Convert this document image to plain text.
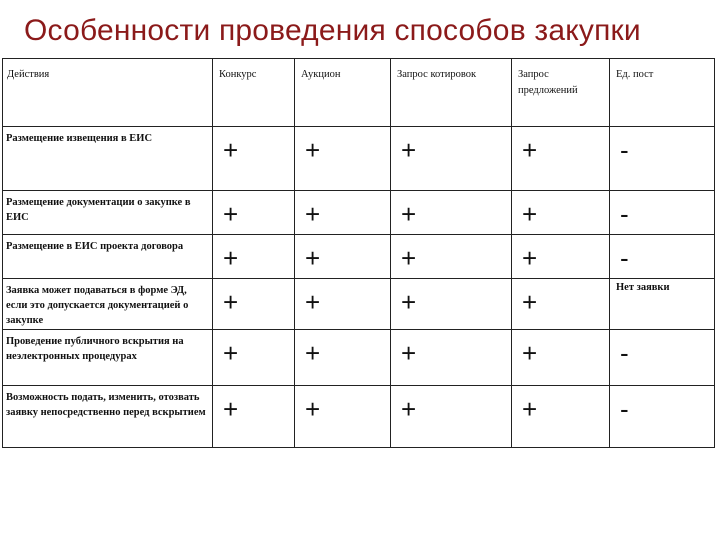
Особенности проведения способов закупки
Действия	Конкурс	Аукцион	Запрос котировок	Запрос предложений	Ед. пост
Размещение извещения в ЕИС	+	+	+	+	-
Размещение документации о закупке в ЕИС	+	+	+	+	-
Размещение в ЕИС проекта договора	+	+	+	+	-
Заявка может подаваться в форме ЭД, если это допускается документацией о закупке	+	+	+	+	Нет заявки
Проведение публичного вскрытия на неэлектронных процедурах	+	+	+	+	-
Возможность подать, изменить, отозвать заявку непосредственно перед вскрытием	+	+	+	+	-
